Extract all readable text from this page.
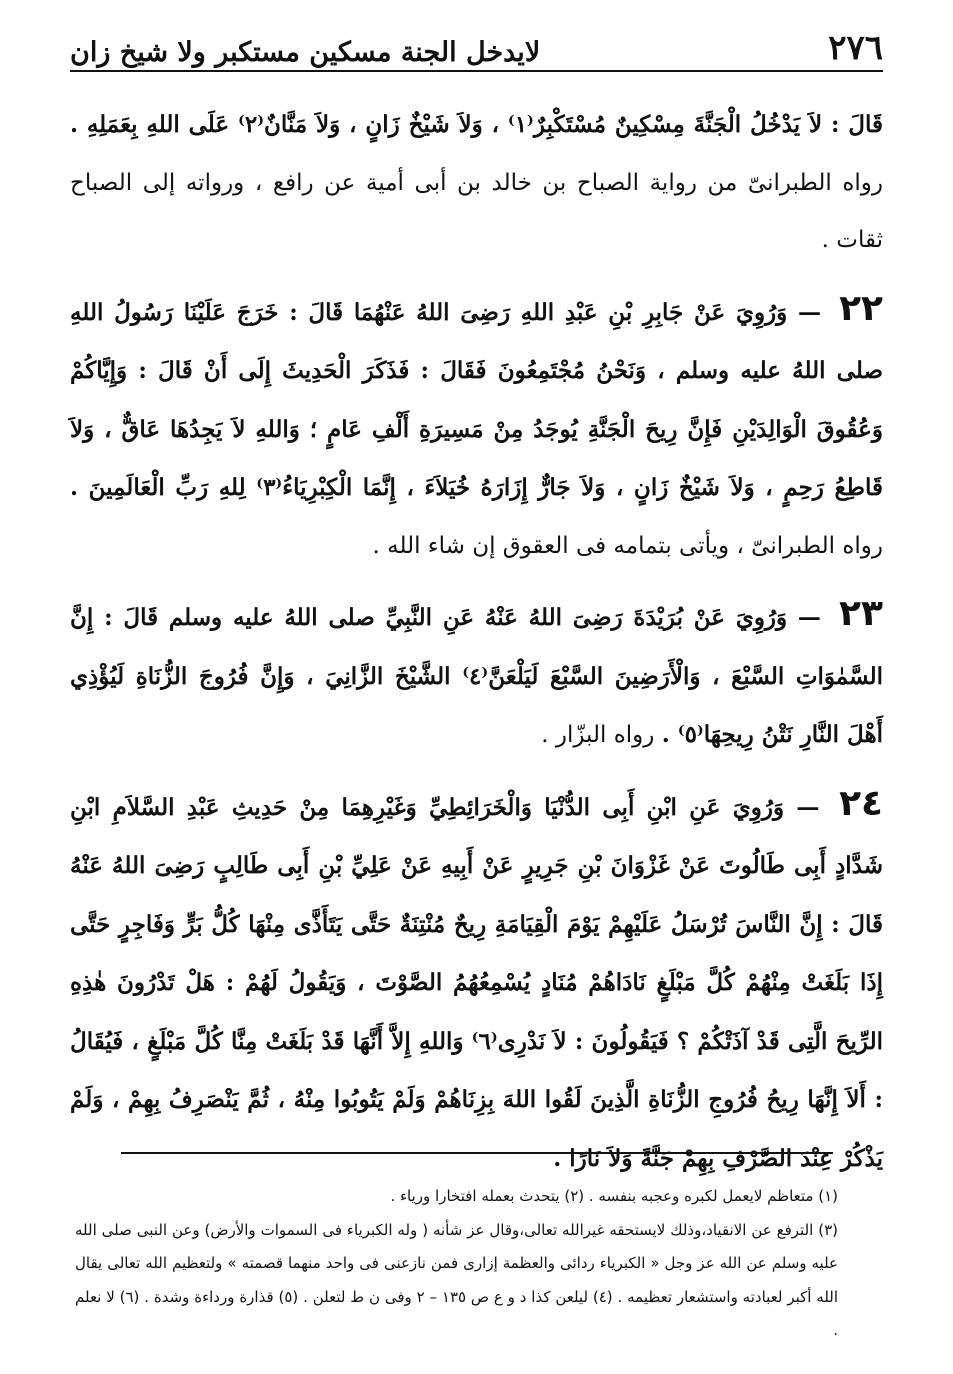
٢٧٦
لايدخل الجنة مسكين مستكبر ولا شيخ زان

قَالَ : لاَ يَدْخُلُ الْجَنَّةَ مِسْكِينٌ مُسْتَكْبِرٌ⁽١⁾ ، وَلاَ شَيْخٌ زَانٍ ، وَلاَ مَنَّانٌ⁽٢⁾ عَلَى اللهِ بِعَمَلِهِ . رواه الطبرانىّ من رواية الصباح بن خالد بن أبى أمية عن رافع ، ورواته إلى الصباح ثقات .

٢٢ — وَرُوِيَ عَنْ جَابِرِ بْنِ عَبْدِ اللهِ رَضِىَ اللهُ عَنْهُمَا قَالَ : خَرَجَ عَلَيْنَا رَسُولُ اللهِ صلى اللهُ عليه وسلم ، وَنَحْنُ مُجْتَمِعُونَ فَقَالَ : فَذَكَرَ الْحَدِيثَ إِلَى أَنْ قَالَ : وَإِيَّاكُمْ وَعُقُوقَ الْوَالِدَيْنِ فَإِنَّ رِيحَ الْجَنَّةِ يُوجَدُ مِنْ مَسِيرَةِ أَلْفِ عَامٍ ؛ وَاللهِ لاَ يَجِدُهَا عَاقٌّ ، وَلاَ قَاطِعُ رَحِمٍ ، وَلاَ شَيْخٌ زَانٍ ، وَلاَ جَارٌّ إِزَارَهُ خُيَلاَءَ ، إِنَّمَا الْكِبْرِيَاءُ⁽٣⁾ لِلهِ رَبِّ الْعَالَمِينَ . رواه الطبرانىّ ، ويأتى بتمامه فى العقوق إن شاء الله .

٢٣ — وَرُوِيَ عَنْ بُرَيْدَةَ رَضِىَ اللهُ عَنْهُ عَنِ النَّبِيِّ صلى اللهُ عليه وسلم قَالَ : إِنَّ السَّمٰوَاتِ السَّبْعَ ، وَالْأَرَضِينَ السَّبْعَ لَيَلْعَنَّ⁽٤⁾ الشَّيْخَ الزَّانِيَ ، وَإِنَّ فُرُوجَ الزُّنَاةِ لَيُؤْذِي أَهْلَ النَّارِ نَتْنُ رِيحِهَا⁽٥⁾ . رواه البزّار .

٢٤ — وَرُوِيَ عَنِ ابْنِ أَبِى الدُّنْيَا وَالْخَرَائِطِيِّ وَغَيْرِهِمَا مِنْ حَدِيثِ عَبْدِ السَّلاَمِ ابْنِ شَدَّادٍ أَبِى طَالُوتَ عَنْ غَزْوَانَ بْنِ جَرِيرٍ عَنْ أَبِيهِ عَنْ عَلِيِّ بْنِ أَبِى طَالِبٍ رَضِىَ اللهُ عَنْهُ قَالَ : إِنَّ النَّاسَ تُرْسَلُ عَلَيْهِمْ يَوْمَ الْقِيَامَةِ رِيحٌ مُنْتِنَةٌ حَتَّى يَتَأَذَّى مِنْهَا كُلُّ بَرٍّ وَفَاجِرٍ حَتَّى إِذَا بَلَغَتْ مِنْهُمْ كُلَّ مَبْلَغٍ نَادَاهُمْ مُنَادٍ يُسْمِعُهُمُ الصَّوْتَ ، وَيَقُولُ لَهُمْ : هَلْ تَدْرُونَ هٰذِهِ الرِّيحَ الَّتِى قَدْ آذَتْكُمْ ؟ فَيَقُولُونَ : لاَ نَدْرِى⁽٦⁾ وَاللهِ إِلاَّ أَنَّهَا قَدْ بَلَغَتْ مِنَّا كُلَّ مَبْلَغٍ ، فَيُقَالُ : أَلاَ إِنَّهَا رِيحُ فُرُوجِ الزُّنَاةِ الَّذِينَ لَقُوا اللهَ بِزِنَاهُمْ وَلَمْ يَتُوبُوا مِنْهُ ، ثُمَّ يَنْصَرِفُ بِهِمْ ، وَلَمْ يَذْكُرْ عِنْدَ الصَّرْفِ بِهِمْ جَنَّةً وَلاَ نَارًا .

(١) متعاظم لايعمل لكبره وعجبه بنفسه . (٢) يتحدث بعمله افتخارا ورياء .

(٣) الترفع عن الانقياد،وذلك لايستحقه غيرالله تعالى،وقال عز شأنه ( وله الكبرياء فى السموات والأرض) وعن النبى صلى الله عليه وسلم عن الله عز وجل « الكبرياء ردائى والعظمة إزارى فمن نازعنى فى واحد منهما قصمته » ولتعظيم الله تعالى يقال الله أكبر لعبادته واستشعار تعظيمه . (٤) ليلعن كذا د و ع ص ١٣٥ – ٢ وفى ن ط لتعلن . (٥) قذارة ورداءة وشدة . (٦) لا نعلم .
